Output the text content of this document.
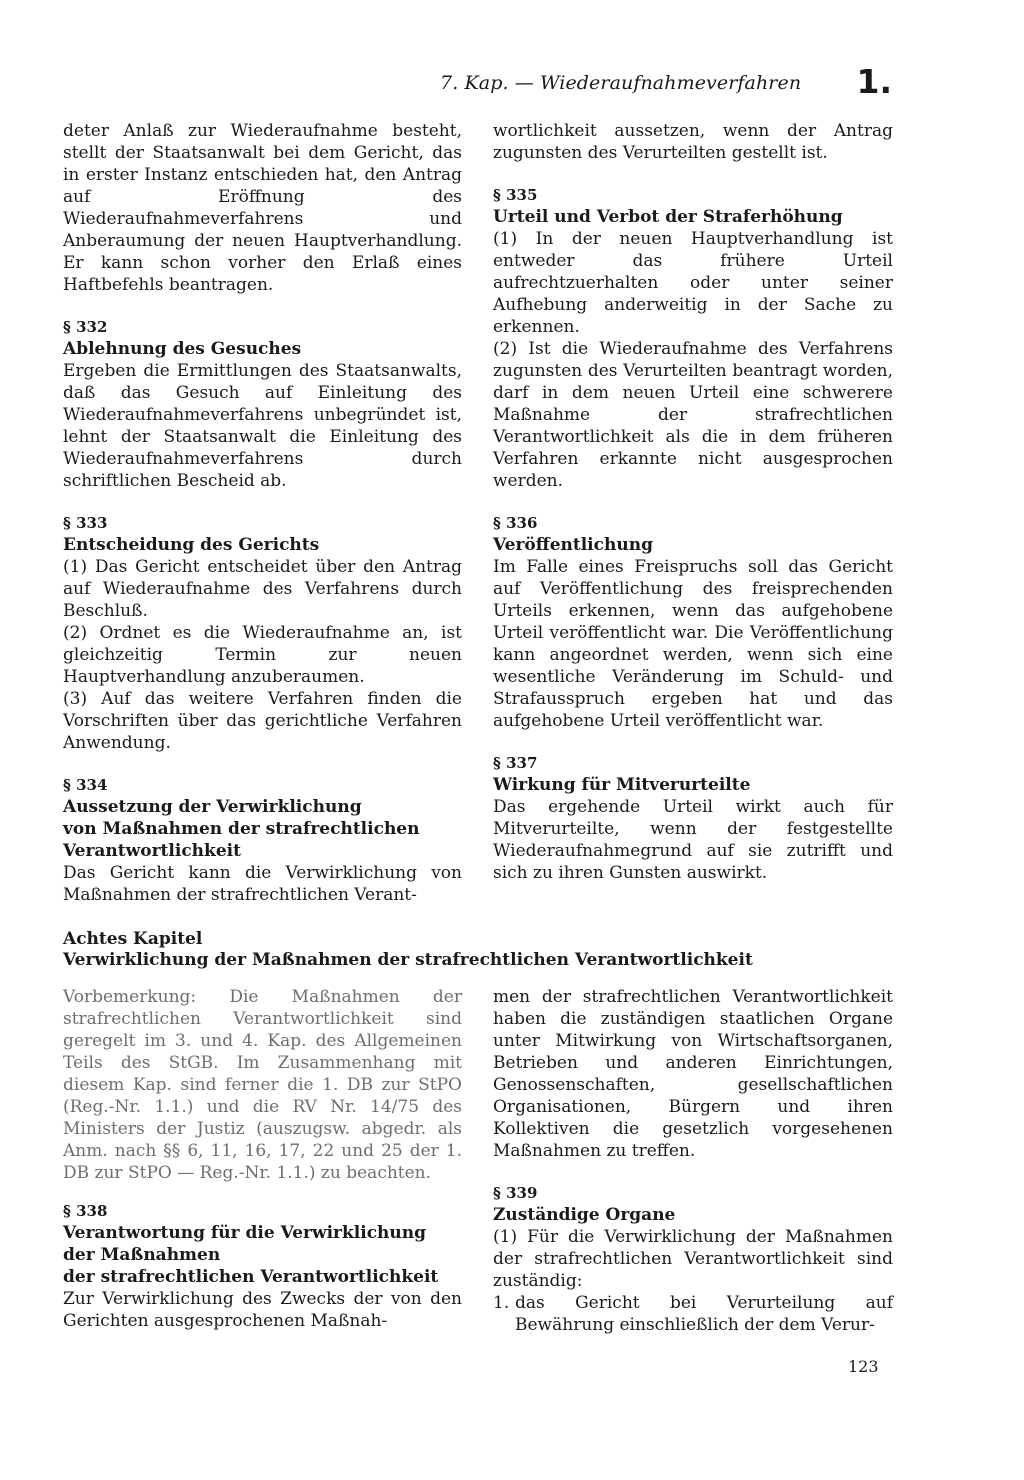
7. Kap. — Wiederaufnahmeverfahren 1.

deter Anlaß zur Wiederaufnahme besteht, stellt der Staatsanwalt bei dem Gericht, das in erster Instanz entschieden hat, den Antrag auf Eröffnung des Wiederaufnahmeverfahrens und Anberaumung der neuen Hauptverhandlung. Er kann schon vorher den Erlaß eines Haftbefehls beantragen.

§ 332

Ablehnung des Gesuches

Ergeben die Ermittlungen des Staatsanwalts, daß das Gesuch auf Einleitung des Wiederaufnahmeverfahrens unbegründet ist, lehnt der Staatsanwalt die Einleitung des Wiederaufnahmeverfahrens durch schriftlichen Bescheid ab.

§ 333

Entscheidung des Gerichts

(1) Das Gericht entscheidet über den Antrag auf Wiederaufnahme des Verfahrens durch Beschluß.

(2) Ordnet es die Wiederaufnahme an, ist gleichzeitig Termin zur neuen Hauptverhandlung anzuberaumen.

(3) Auf das weitere Verfahren finden die Vorschriften über das gerichtliche Verfahren Anwendung.

§ 334

Aussetzung der Verwirklichung

von Maßnahmen der strafrechtlichen

Verantwortlichkeit

Das Gericht kann die Verwirklichung von Maßnahmen der strafrechtlichen Verant-

wortlichkeit aussetzen, wenn der Antrag zugunsten des Verurteilten gestellt ist.

§ 335

Urteil und Verbot der Straferhöhung

(1) In der neuen Hauptverhandlung ist entweder das frühere Urteil aufrechtzuerhalten oder unter seiner Aufhebung anderweitig in der Sache zu erkennen.

(2) Ist die Wiederaufnahme des Verfahrens zugunsten des Verurteilten beantragt worden, darf in dem neuen Urteil eine schwerere Maßnahme der strafrechtlichen Verantwortlichkeit als die in dem früheren Verfahren erkannte nicht ausgesprochen werden.

§ 336

Veröffentlichung

Im Falle eines Freispruchs soll das Gericht auf Veröffentlichung des freisprechenden Urteils erkennen, wenn das aufgehobene Urteil veröffentlicht war. Die Veröffentlichung kann angeordnet werden, wenn sich eine wesentliche Veränderung im Schuld- und Strafausspruch ergeben hat und das aufgehobene Urteil veröffentlicht war.

§ 337

Wirkung für Mitverurteilte

Das ergehende Urteil wirkt auch für Mitverurteilte, wenn der festgestellte Wiederaufnahmegrund auf sie zutrifft und sich zu ihren Gunsten auswirkt.

Achtes Kapitel
Verwirklichung der Maßnahmen der strafrechtlichen Verantwortlichkeit

Vorbemerkung: Die Maßnahmen der strafrechtlichen Verantwortlichkeit sind geregelt im 3. und 4. Kap. des Allgemeinen Teils des StGB. Im Zusammenhang mit diesem Kap. sind ferner die 1. DB zur StPO (Reg.-Nr. 1.1.) und die RV Nr. 14/75 des Ministers der Justiz (auszugsw. abgedr. als Anm. nach §§ 6, 11, 16, 17, 22 und 25 der 1. DB zur StPO — Reg.-Nr. 1.1.) zu beachten.

§ 338

Verantwortung für die Verwirklichung

der Maßnahmen

der strafrechtlichen Verantwortlichkeit

Zur Verwirklichung des Zwecks der von den Gerichten ausgesprochenen Maßnah-

men der strafrechtlichen Verantwortlichkeit haben die zuständigen staatlichen Organe unter Mitwirkung von Wirtschaftsorganen, Betrieben und anderen Einrichtungen, Genossenschaften, gesellschaftlichen Organisationen, Bürgern und ihren Kollektiven die gesetzlich vorgesehenen Maßnahmen zu treffen.

§ 339

Zuständige Organe

(1) Für die Verwirklichung der Maßnahmen der strafrechtlichen Verantwortlichkeit sind zuständig:

1. das Gericht bei Verurteilung auf Bewährung einschließlich der dem Verur-
123
